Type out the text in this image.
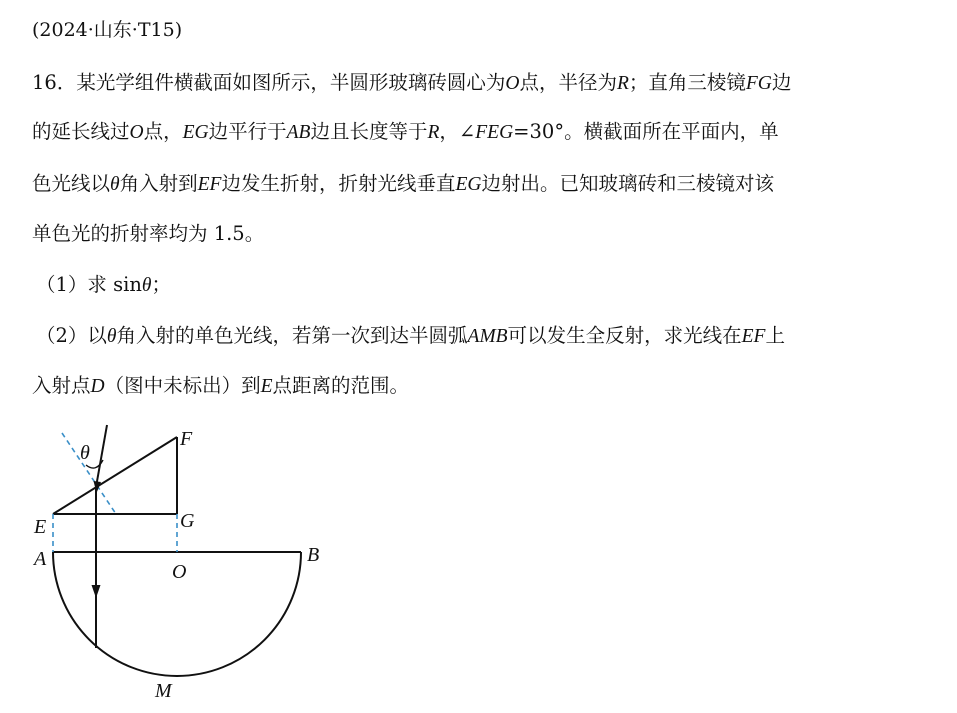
(2024·山东·T15)
16．某光学组件横截面如图所示，半圆形玻璃砖圆心为O点，半径为R；直角三棱镜FG边
的延长线过O点，EG边平行于AB边且长度等于R，∠FEG=30°。横截面所在平面内，单
色光线以θ角入射到EF边发生折射，折射光线垂直EG边射出。已知玻璃砖和三棱镜对该
单色光的折射率均为 1.5。
（1）求 sinθ；
（2）以θ角入射的单色光线，若第一次到达半圆弧AMB可以发生全反射，求光线在EF上
入射点D（图中未标出）到E点距离的范围。
θ
F
E	G
A	B
O
M
